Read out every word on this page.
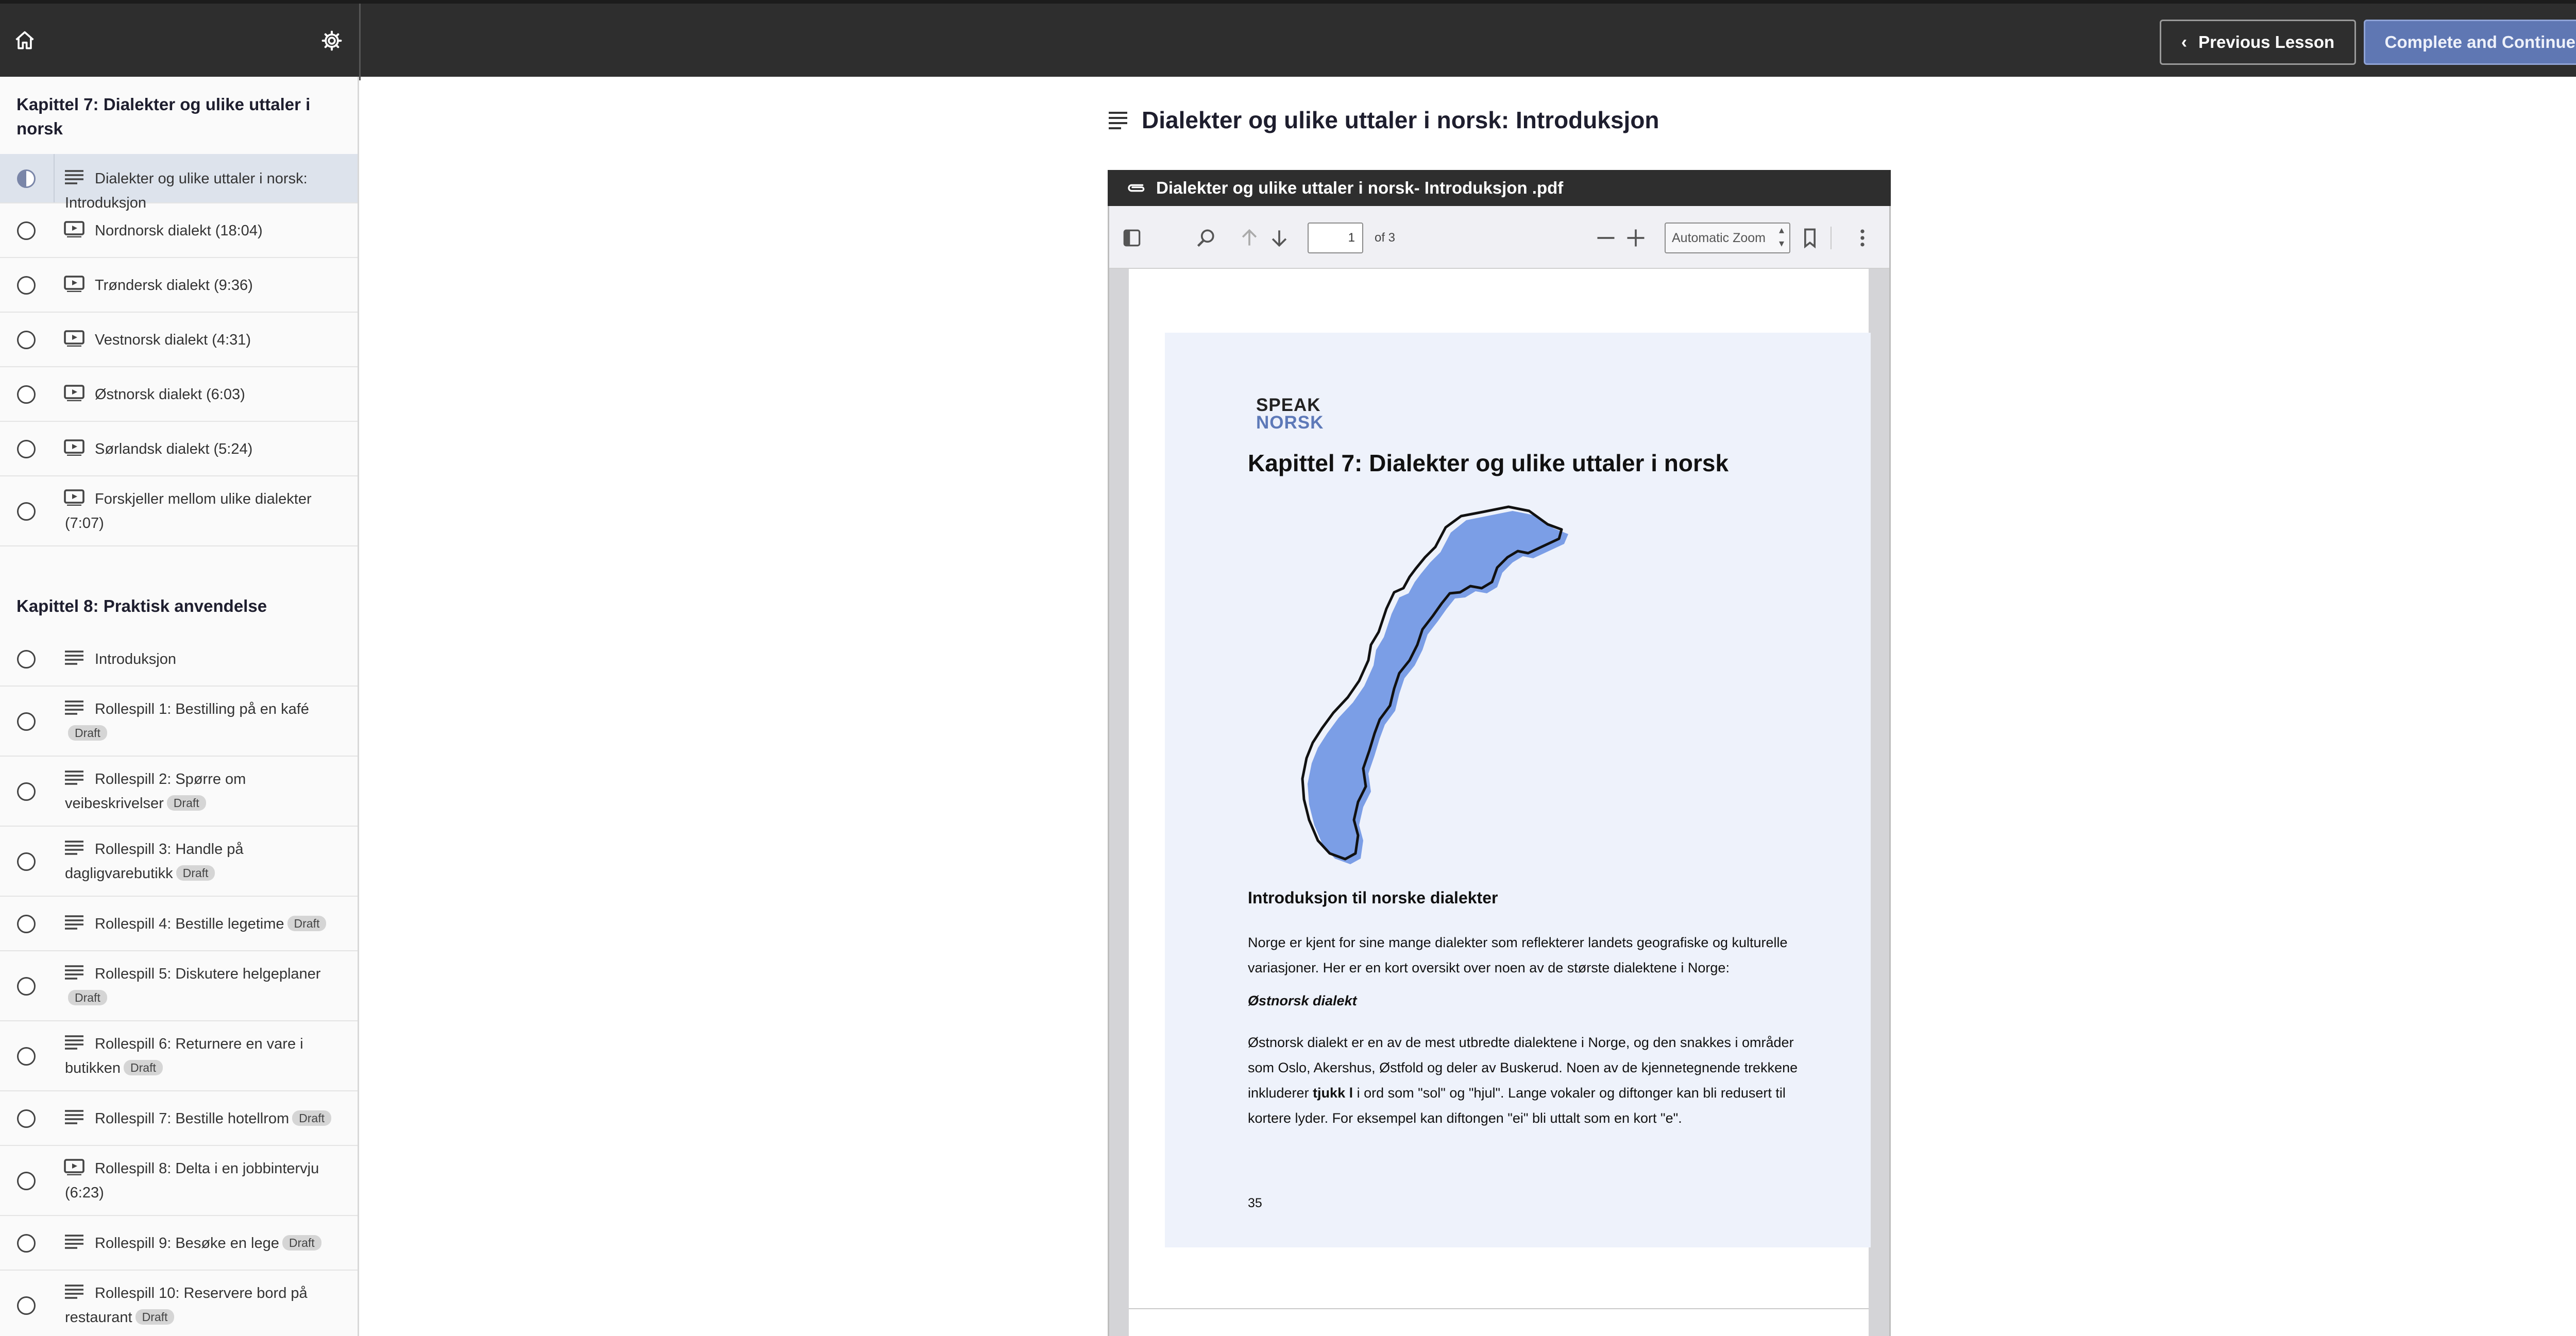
‹ Previous Lesson	Complete and Continue
Kapittel 7: Dialekter og ulike uttaler i norsk
Dialekter og ulike uttaler i norsk: Introduksjon
Nordnorsk dialekt (18:04)
Trøndersk dialekt (9:36)
Vestnorsk dialekt (4:31)
Østnorsk dialekt (6:03)
Sørlandsk dialekt (5:24)
Forskjeller mellom ulike dialekter (7:07)
Kapittel 8: Praktisk anvendelse
Introduksjon
Rollespill 1: Bestilling på en kaféDraft
Rollespill 2: Spørre om veibeskrivelser Draft
Rollespill 3: Handle på dagligvarebutikk Draft
Rollespill 4: Bestille legetime Draft
Rollespill 5: Diskutere helgeplanerDraft
Rollespill 6: Returnere en vare i butikken Draft
Rollespill 7: Bestille hotellrom Draft
Rollespill 8: Delta i en jobbintervju (6:23)
Rollespill 9: Besøke en lege Draft
Rollespill 10: Reservere bord på restaurant Draft
Dialekter og ulike uttaler i norsk: Introduksjon
Dialekter og ulike uttaler i norsk- Introduksjon .pdf
1	of 3	Automatic Zoom
▴
▾
SPEAK
NORSK
Kapittel 7: Dialekter og ulike uttaler i norsk
Introduksjon til norske dialekter
Norge er kjent for sine mange dialekter som reflekterer landets geografiske og kulturelle variasjoner. Her er en kort oversikt over noen av de største dialektene i Norge:
Østnorsk dialekt
Østnorsk dialekt er en av de mest utbredte dialektene i Norge, og den snakkes i områder som Oslo, Akershus, Østfold og deler av Buskerud. Noen av de kjennetegnende trekkene inkluderer tjukk l i ord som "sol" og "hjul". Lange vokaler og diftonger kan bli redusert til kortere lyder. For eksempel kan diftongen "ei" bli uttalt som en kort "e".
35
